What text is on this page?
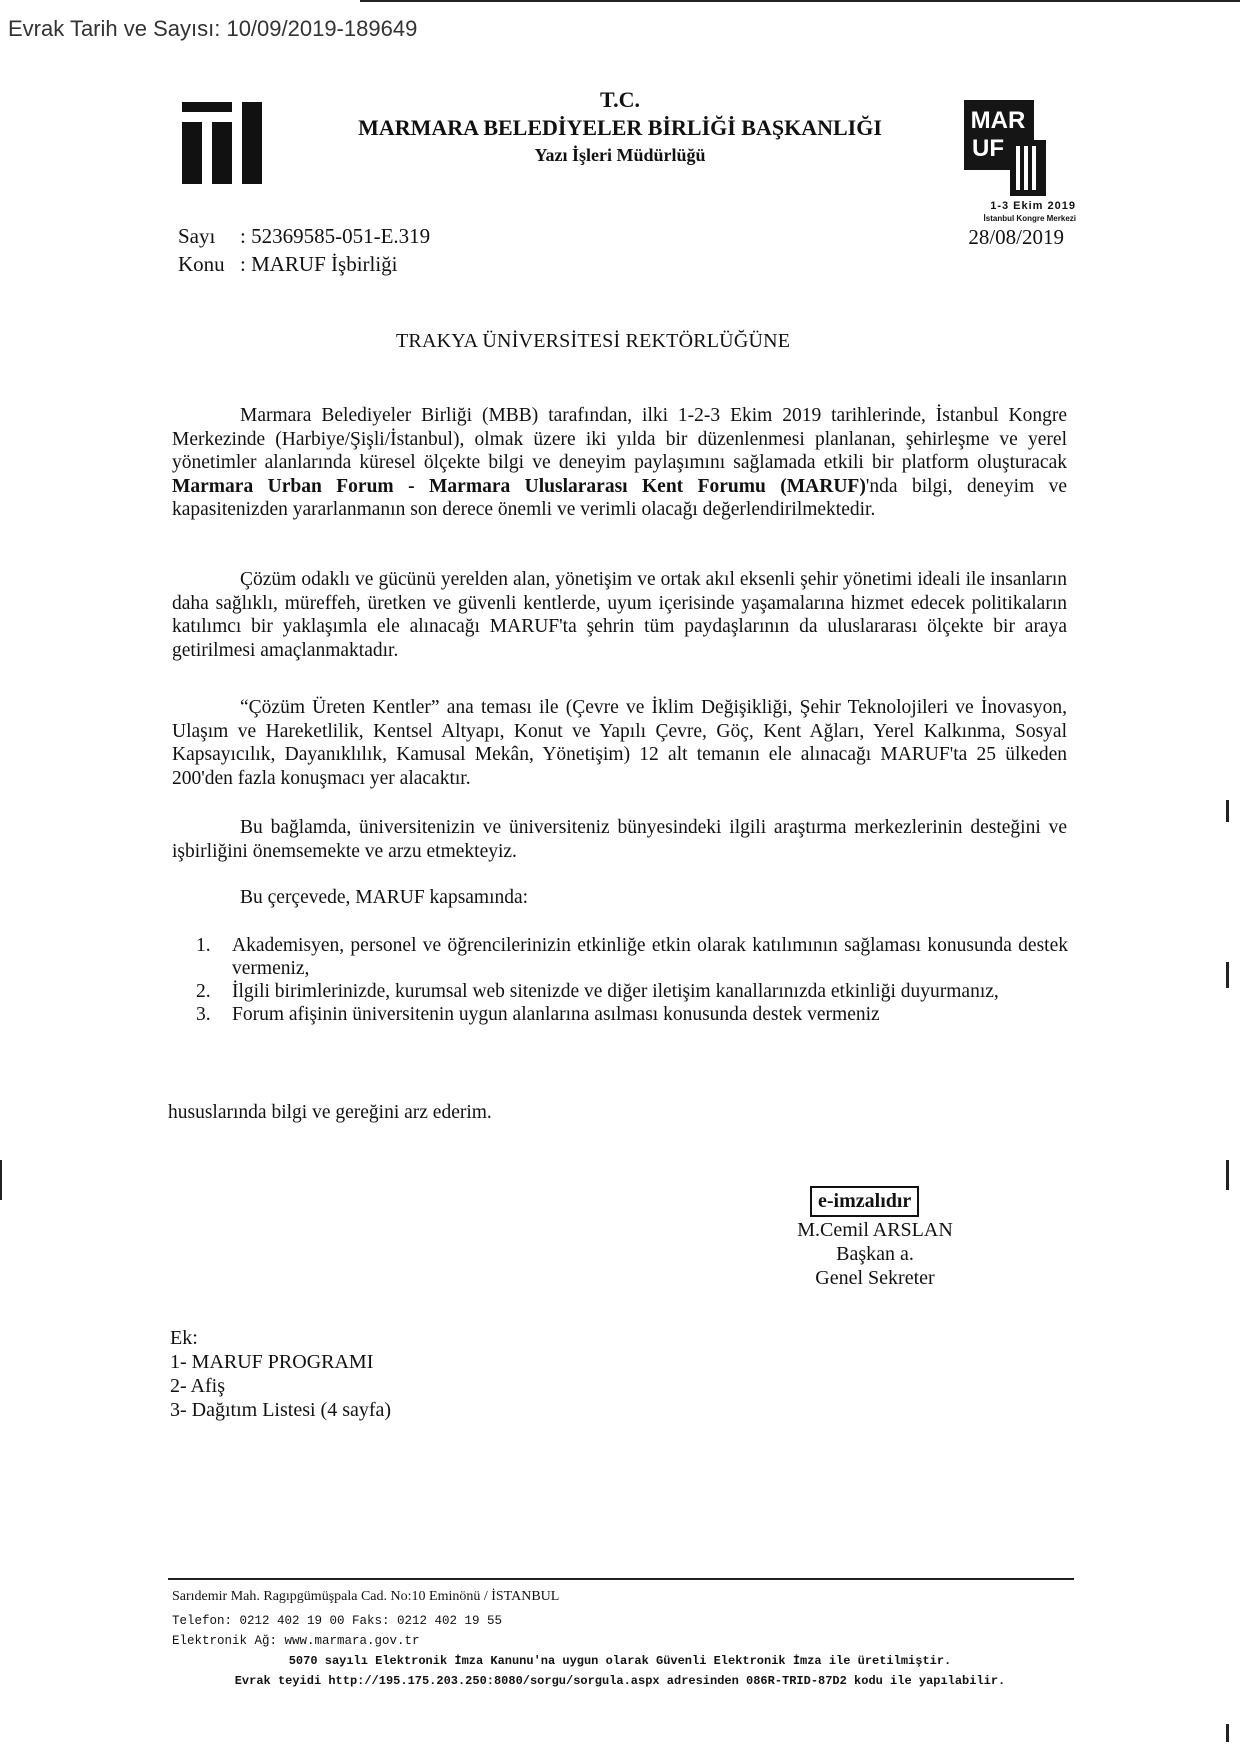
Evrak Tarih ve Sayısı: 10/09/2019-189649
T.C.
MARMARA BELEDİYELER BİRLİĞİ BAŞKANLIĞI
Yazı İşleri Müdürlüğü
MAR
UF
1-3 Ekim 2019
İstanbul Kongre Merkezi
28/08/2019
Sayı : 52369585-051-E.319
Konu : MARUF İşbirliği
TRAKYA ÜNİVERSİTESİ REKTÖRLÜĞÜNE
Marmara Belediyeler Birliği (MBB) tarafından, ilki 1-2-3 Ekim 2019 tarihlerinde, İstanbul Kongre Merkezinde (Harbiye/Şişli/İstanbul), olmak üzere iki yılda bir düzenlenmesi planlanan, şehirleşme ve yerel yönetimler alanlarında küresel ölçekte bilgi ve deneyim paylaşımını sağlamada etkili bir platform oluşturacak Marmara Urban Forum - Marmara Uluslararası Kent Forumu (MARUF)'nda bilgi, deneyim ve kapasitenizden yararlanmanın son derece önemli ve verimli olacağı değerlendirilmektedir.
Çözüm odaklı ve gücünü yerelden alan, yönetişim ve ortak akıl eksenli şehir yönetimi ideali ile insanların daha sağlıklı, müreffeh, üretken ve güvenli kentlerde, uyum içerisinde yaşamalarına hizmet edecek politikaların katılımcı bir yaklaşımla ele alınacağı MARUF'ta şehrin tüm paydaşlarının da uluslararası ölçekte bir araya getirilmesi amaçlanmaktadır.
“Çözüm Üreten Kentler” ana teması ile (Çevre ve İklim Değişikliği, Şehir Teknolojileri ve İnovasyon, Ulaşım ve Hareketlilik, Kentsel Altyapı, Konut ve Yapılı Çevre, Göç, Kent Ağları, Yerel Kalkınma, Sosyal Kapsayıcılık, Dayanıklılık, Kamusal Mekân, Yönetişim) 12 alt temanın ele alınacağı MARUF'ta 25 ülkeden 200'den fazla konuşmacı yer alacaktır.
Bu bağlamda, üniversitenizin ve üniversiteniz bünyesindeki ilgili araştırma merkezlerinin desteğini ve işbirliğini önemsemekte ve arzu etmekteyiz.
Bu çerçevede, MARUF kapsamında:
1.	Akademisyen, personel ve öğrencilerinizin etkinliğe etkin olarak katılımının sağlaması konusunda destek vermeniz,
2.	İlgili birimlerinizde, kurumsal web sitenizde ve diğer iletişim kanallarınızda etkinliği duyurmanız,
3.	Forum afişinin üniversitenin uygun alanlarına asılması konusunda destek vermeniz
hususlarında bilgi ve gereğini arz ederim.
e-imzalıdır
M.Cemil ARSLAN
Başkan a.
Genel Sekreter
Ek:
1- MARUF PROGRAMI
2- Afiş
3- Dağıtım Listesi (4 sayfa)
Sarıdemir Mah. Ragıpgümüşpala Cad. No:10 Eminönü / İSTANBUL
Telefon: 0212 402 19 00 Faks: 0212 402 19 55
Elektronik Ağ: www.marmara.gov.tr
5070 sayılı Elektronik İmza Kanunu'na uygun olarak Güvenli Elektronik İmza ile üretilmiştir.
Evrak teyidi http://195.175.203.250:8080/sorgu/sorgula.aspx adresinden 086R-TRID-87D2 kodu ile yapılabilir.
